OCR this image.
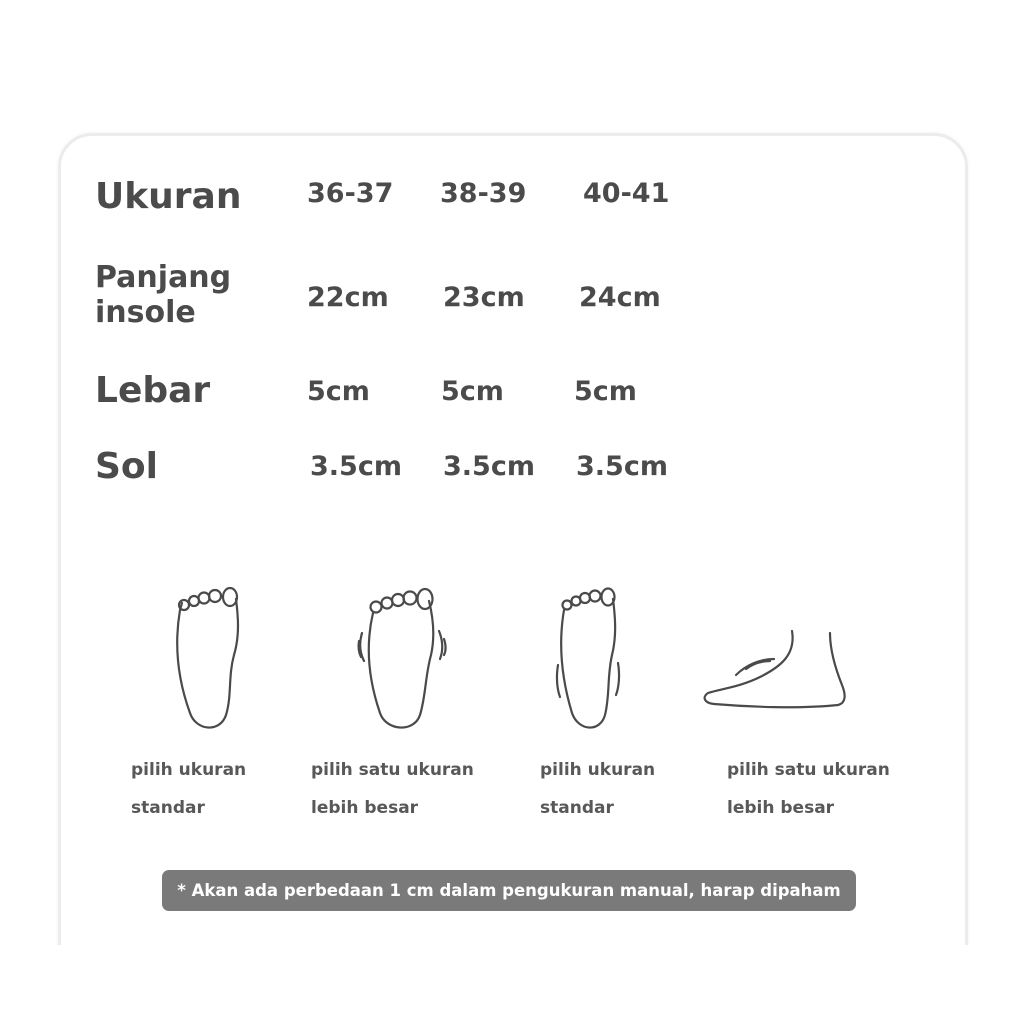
Ukuran 36-37 38-39 40-41
Panjang
insole	22cm 23cm 24cm
Lebar	5cm	5cm	5cm
Sol	3.5cm 3.5cm 3.5cm
pilih ukuran
standar
pilih satu ukuran
lebih besar
pilih ukuran
standar
pilih satu ukuran
lebih besar
* Akan ada perbedaan 1 cm dalam pengukuran manual, harap dipaham
